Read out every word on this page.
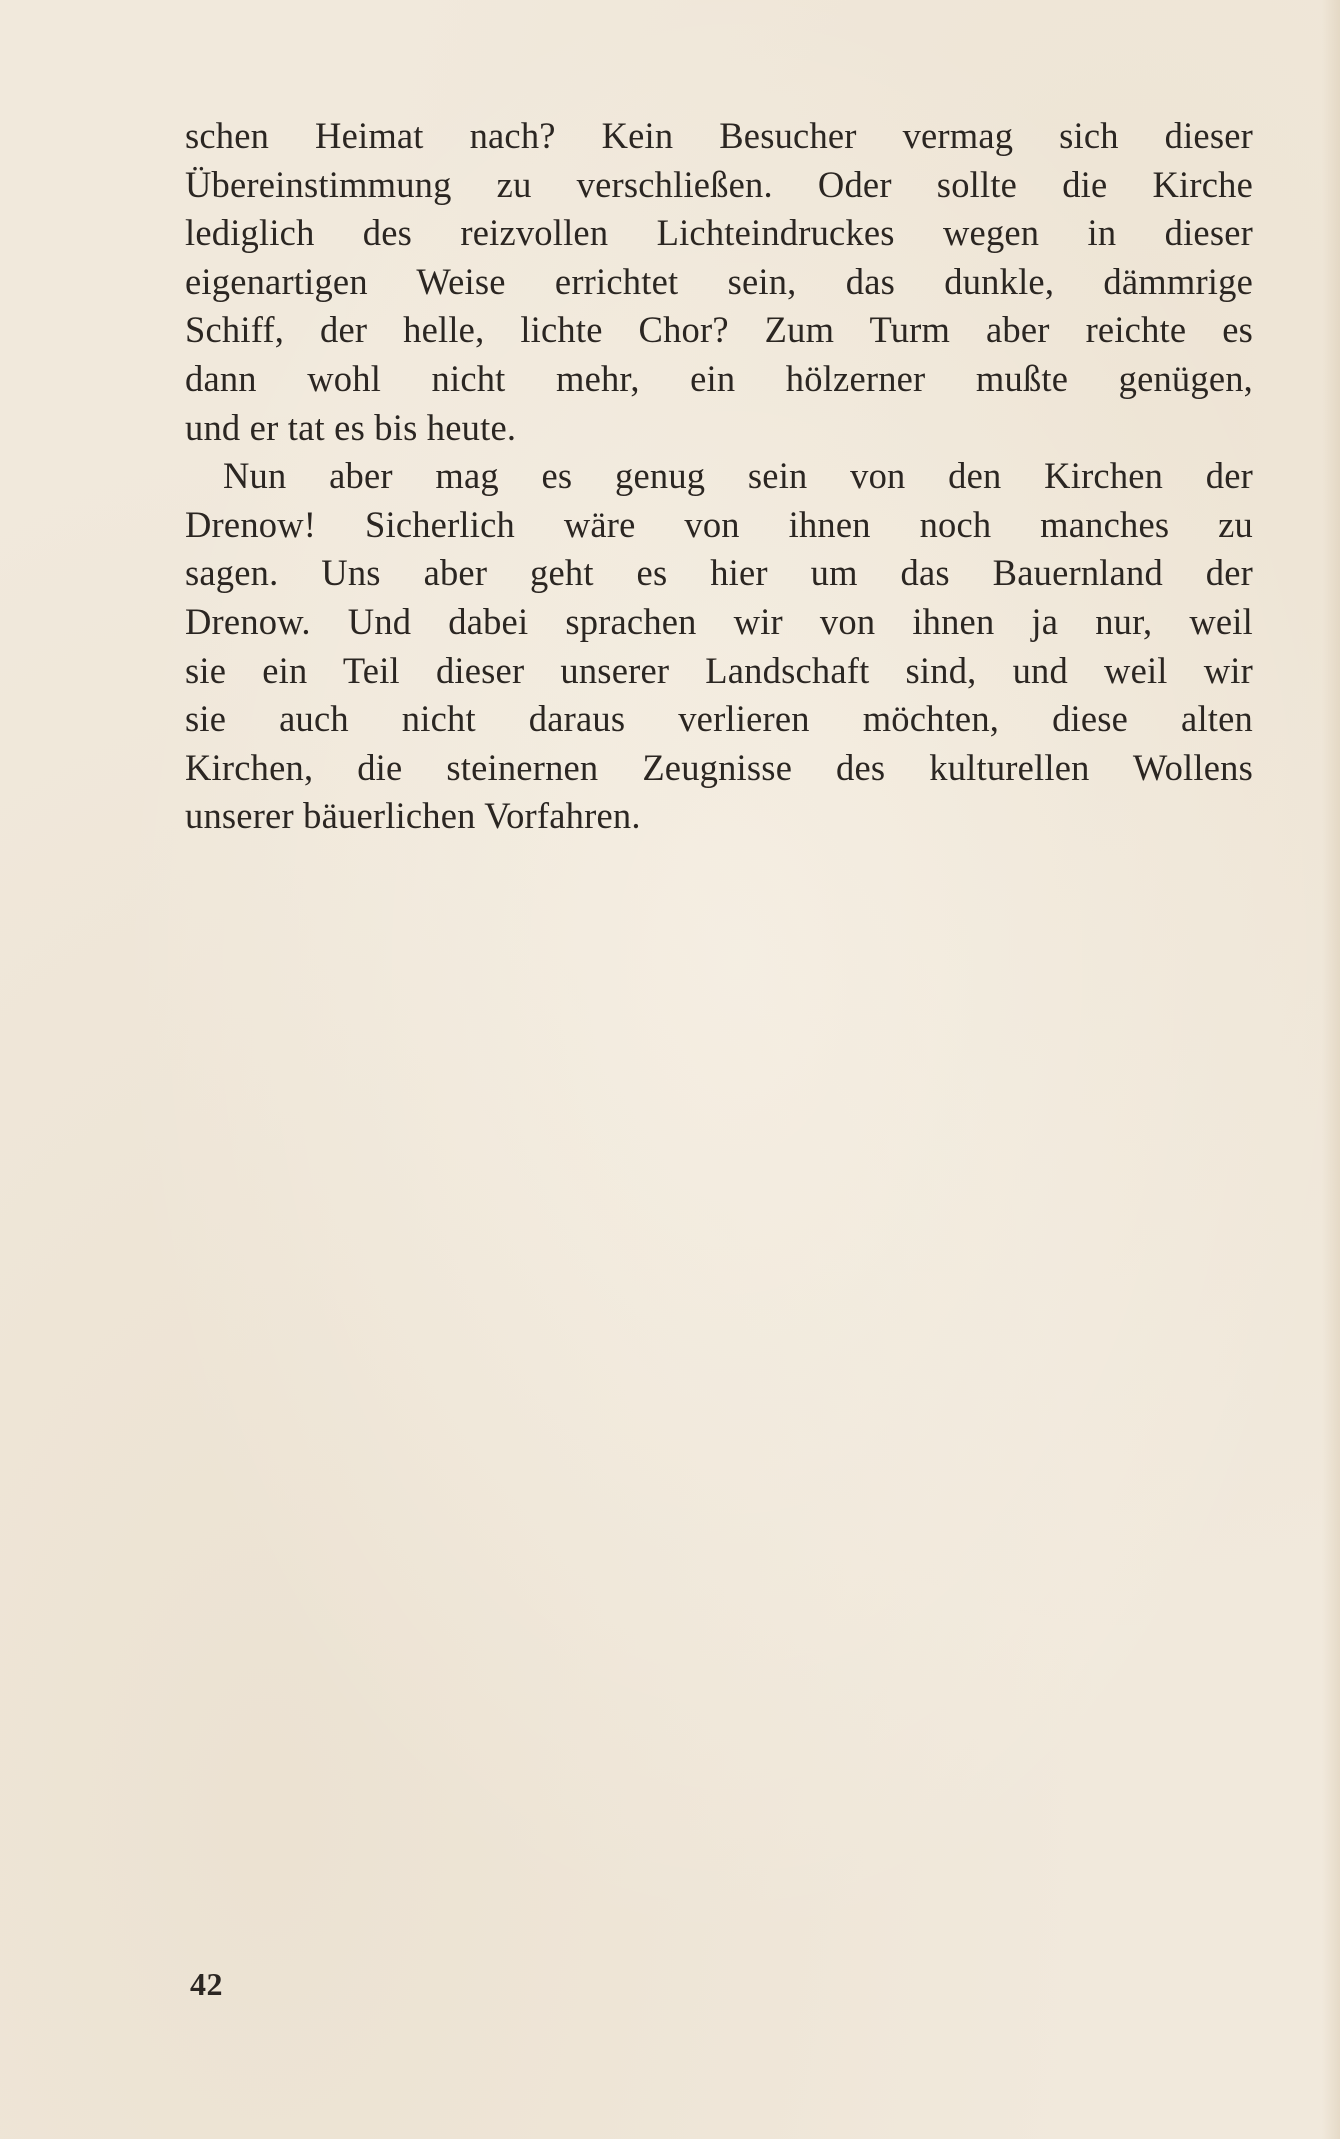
schen Heimat nach? Kein Besucher vermag sich dieser
Übereinstimmung zu verschließen. Oder sollte die Kirche
lediglich des reizvollen Lichteindruckes wegen in dieser
eigenartigen Weise errichtet sein, das dunkle, dämmrige
Schiff, der helle, lichte Chor? Zum Turm aber reichte es
dann wohl nicht mehr, ein hölzerner mußte genügen,
und er tat es bis heute.
Nun aber mag es genug sein von den Kirchen der
Drenow! Sicherlich wäre von ihnen noch manches zu
sagen. Uns aber geht es hier um das Bauernland der
Drenow. Und dabei sprachen wir von ihnen ja nur, weil
sie ein Teil dieser unserer Landschaft sind, und weil wir
sie auch nicht daraus verlieren möchten, diese alten
Kirchen, die steinernen Zeugnisse des kulturellen Wollens
unserer bäuerlichen Vorfahren.
42
